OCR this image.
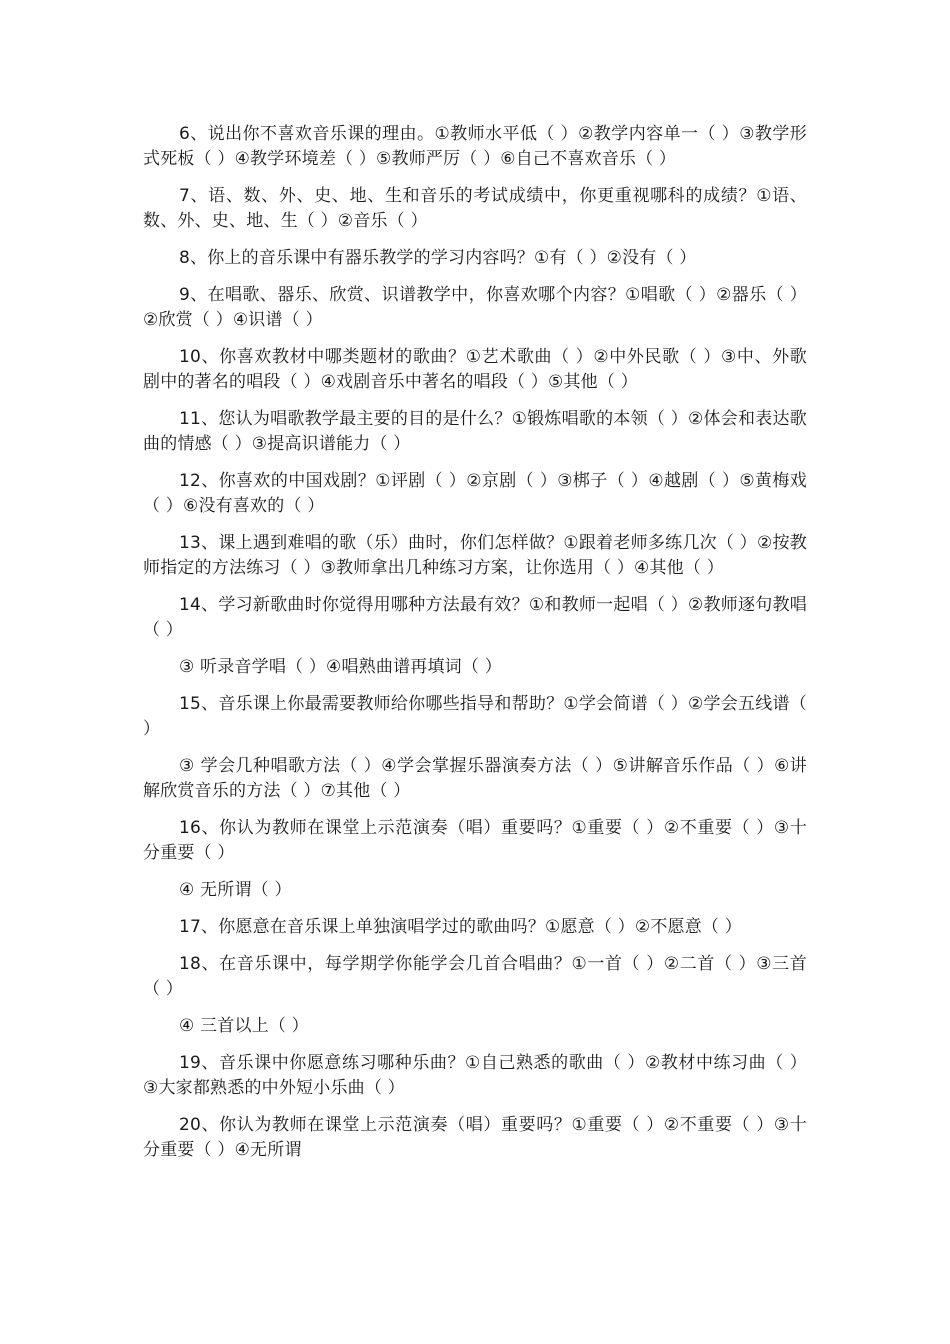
6、说出你不喜欢音乐课的理由。①教师水平低（ ）②教学内容单一（ ）③教学形式死板（ ）④教学环境差（ ）⑤教师严厉（ ）⑥自己不喜欢音乐（ ）

7、语、数、外、史、地、生和音乐的考试成绩中，你更重视哪科的成绩？①语、数、外、史、地、生（ ）②音乐（ ）

8、你上的音乐课中有器乐教学的学习内容吗？①有（ ）②没有（ ）

9、在唱歌、器乐、欣赏、识谱教学中，你喜欢哪个内容？①唱歌（ ）②器乐（ ）②欣赏（ ）④识谱（ ）

10、你喜欢教材中哪类题材的歌曲？①艺术歌曲（ ）②中外民歌（ ）③中、外歌剧中的著名的唱段（ ）④戏剧音乐中著名的唱段（ ）⑤其他（ ）

11、您认为唱歌教学最主要的目的是什么？①锻炼唱歌的本领（ ）②体会和表达歌曲的情感（ ）③提高识谱能力（ ）

12、你喜欢的中国戏剧？①评剧（ ）②京剧（ ）③梆子（ ）④越剧（ ）⑤黄梅戏（ ）⑥没有喜欢的（ ）

13、课上遇到难唱的歌（乐）曲时，你们怎样做？①跟着老师多练几次（ ）②按教师指定的方法练习（ ）③教师拿出几种练习方案，让你选用（ ）④其他（ ）

14、学习新歌曲时你觉得用哪种方法最有效？①和教师一起唱（ ）②教师逐句教唱（ ）

③ 听录音学唱（ ）④唱熟曲谱再填词（ ）

15、音乐课上你最需要教师给你哪些指导和帮助？①学会简谱（ ）②学会五线谱（ ）

③ 学会几种唱歌方法（ ）④学会掌握乐器演奏方法（ ）⑤讲解音乐作品（ ）⑥讲解欣赏音乐的方法（ ）⑦其他（ ）

16、你认为教师在课堂上示范演奏（唱）重要吗？①重要（ ）②不重要（ ）③十分重要（ ）

④ 无所谓（ ）

17、你愿意在音乐课上单独演唱学过的歌曲吗？①愿意（ ）②不愿意（ ）

18、在音乐课中，每学期学你能学会几首合唱曲？①一首（ ）②二首（ ）③三首（ ）

④ 三首以上（ ）

19、音乐课中你愿意练习哪种乐曲？①自己熟悉的歌曲（ ）②教材中练习曲（ ）③大家都熟悉的中外短小乐曲（ ）

20、你认为教师在课堂上示范演奏（唱）重要吗？①重要（ ）②不重要（ ）③十分重要（ ）④无所谓
